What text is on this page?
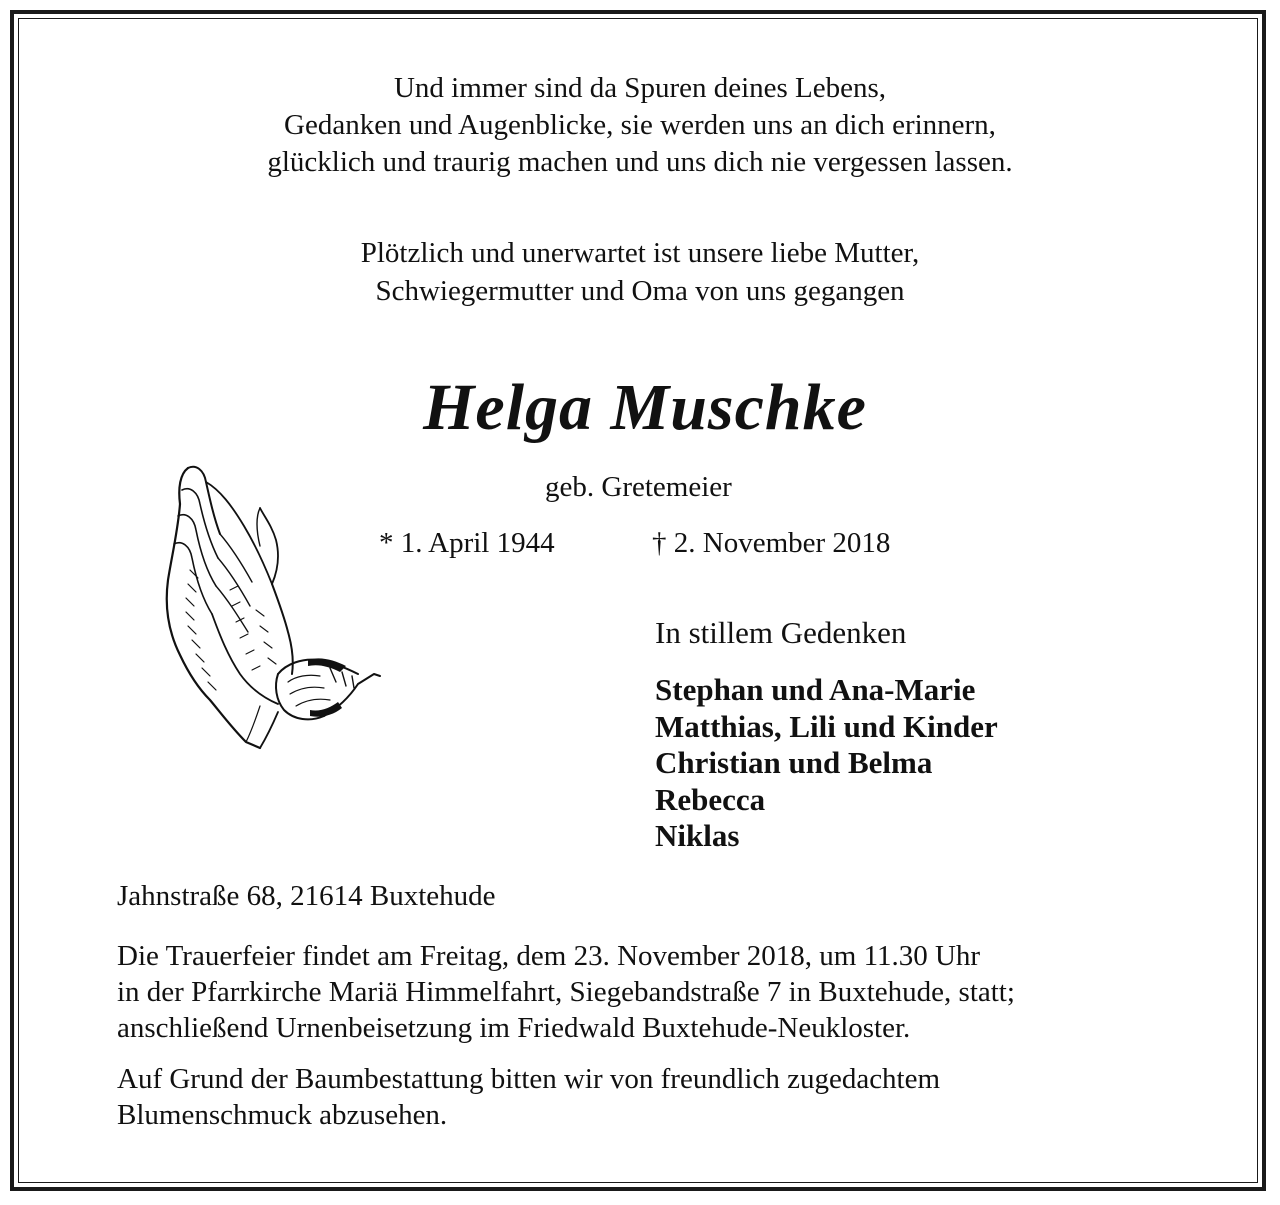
Und immer sind da Spuren deines Lebens,
Gedanken und Augenblicke, sie werden uns an dich erinnern,
glücklich und traurig machen und uns dich nie vergessen lassen.
Plötzlich und unerwartet ist unsere liebe Mutter,
Schwiegermutter und Oma von uns gegangen
Helga Muschke
geb. Gretemeier
* 1. April 1944	† 2. November 2018
In stillem Gedenken
Stephan und Ana-Marie
Matthias, Lili und Kinder
Christian und Belma
Rebecca
Niklas
Jahnstraße 68, 21614 Buxtehude
Die Trauerfeier findet am Freitag, dem 23. November 2018, um 11.30 Uhr
in der Pfarrkirche Mariä Himmelfahrt, Siegebandstraße 7 in Buxtehude, statt;
anschließend Urnenbeisetzung im Friedwald Buxtehude-Neukloster.
Auf Grund der Baumbestattung bitten wir von freundlich zugedachtem
Blumenschmuck abzusehen.
